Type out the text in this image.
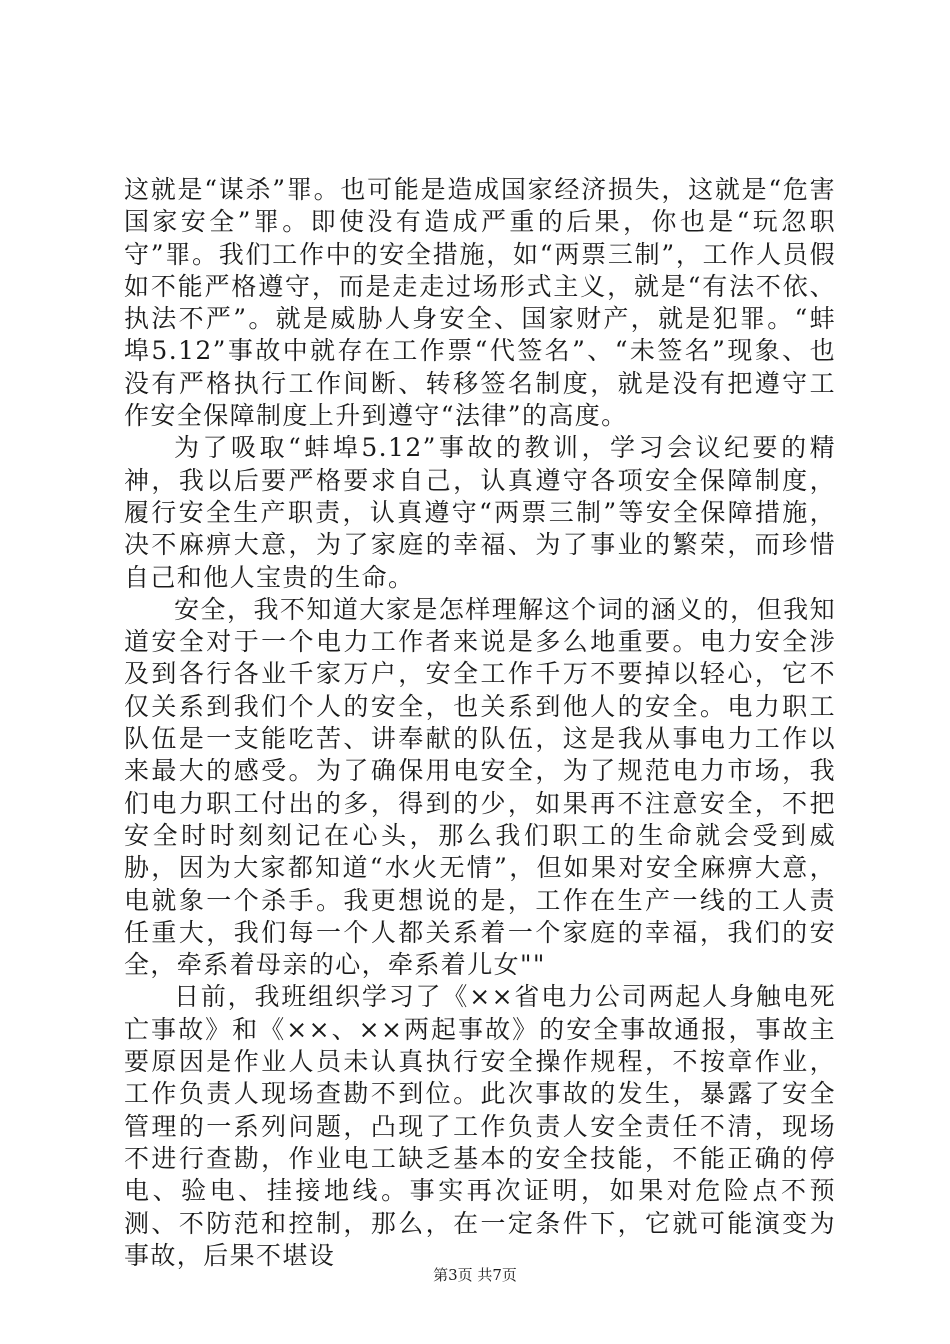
这就是“谋杀”罪。也可能是造成国家经济损失，这就是“危害国家安全”罪。即使没有造成严重的后果，你也是“玩忽职守”罪。我们工作中的安全措施，如“两票三制”，工作人员假如不能严格遵守，而是走走过场形式主义，就是“有法不依、执法不严”。就是威胁人身安全、国家财产，就是犯罪。“蚌埠5.12”事故中就存在工作票“代签名”、“未签名”现象、也没有严格执行工作间断、转移签名制度，就是没有把遵守工作安全保障制度上升到遵守“法律”的高度。

为了吸取“蚌埠5.12”事故的教训，学习会议纪要的精神，我以后要严格要求自己，认真遵守各项安全保障制度，履行安全生产职责，认真遵守“两票三制”等安全保障措施，决不麻痹大意，为了家庭的幸福、为了事业的繁荣，而珍惜自己和他人宝贵的生命。

安全，我不知道大家是怎样理解这个词的涵义的，但我知道安全对于一个电力工作者来说是多么地重要。电力安全涉及到各行各业千家万户，安全工作千万不要掉以轻心，它不仅关系到我们个人的安全，也关系到他人的安全。电力职工队伍是一支能吃苦、讲奉献的队伍，这是我从事电力工作以来最大的感受。为了确保用电安全，为了规范电力市场，我们电力职工付出的多，得到的少，如果再不注意安全，不把安全时时刻刻记在心头，那么我们职工的生命就会受到威胁，因为大家都知道“水火无情”，但如果对安全麻痹大意，电就象一个杀手。我更想说的是，工作在生产一线的工人责任重大，我们每一个人都关系着一个家庭的幸福，我们的安全，牵系着母亲的心，牵系着儿女""

日前，我班组织学习了《××省电力公司两起人身触电死亡事故》和《××、××两起事故》的安全事故通报，事故主要原因是作业人员未认真执行安全操作规程，不按章作业，工作负责人现场查勘不到位。此次事故的发生，暴露了安全管理的一系列问题，凸现了工作负责人安全责任不清，现场不进行查勘，作业电工缺乏基本的安全技能，不能正确的停电、验电、挂接地线。事实再次证明，如果对危险点不预测、不防范和控制，那么，在一定条件下，它就可能演变为事故，后果不堪设

第3页 共7页
